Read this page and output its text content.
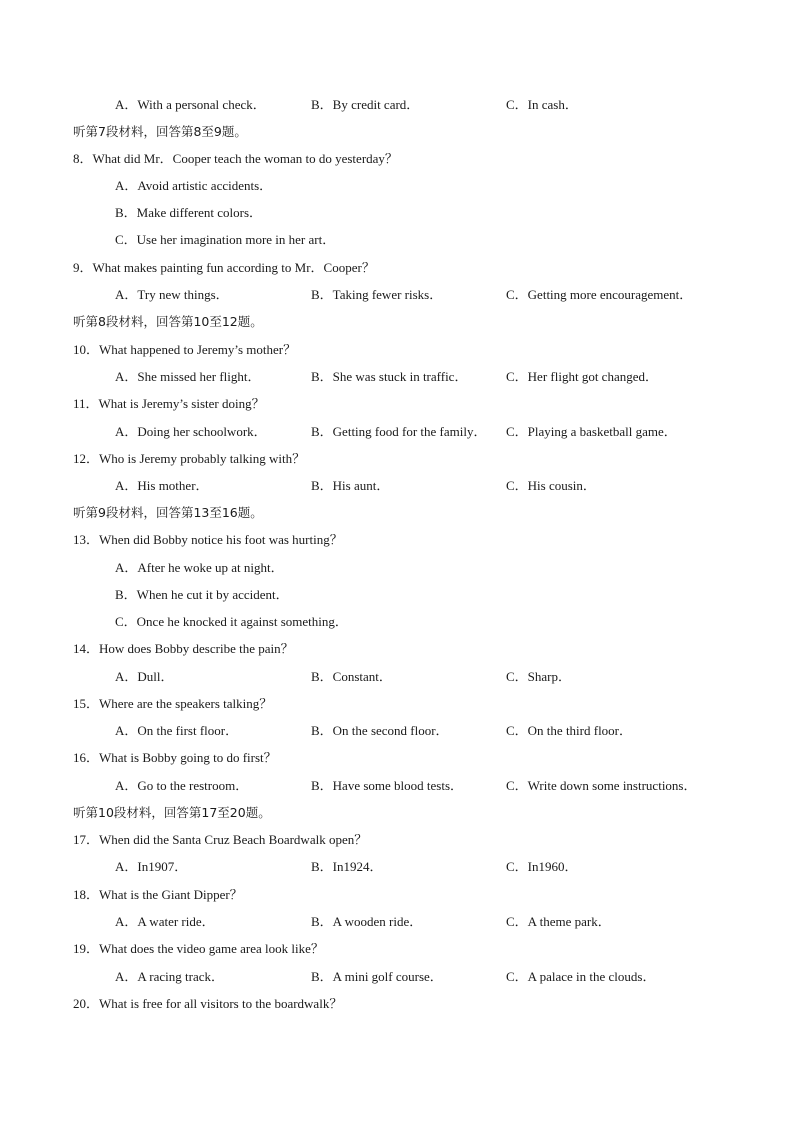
A．With a personal check．	B．By credit card．	C．In cash．
听第7段材料，回答第8至9题。
8．What did Mr．Cooper teach the woman to do yesterday？
A．Avoid artistic accidents．
B．Make different colors．
C．Use her imagination more in her art．
9．What makes painting fun according to Mr．Cooper？
A．Try new things．	B．Taking fewer risks．	C．Getting more encouragement．
听第8段材料，回答第10至12题。
10．What happened to Jeremy’s mother？
A．She missed her flight．	B．She was stuck in traffic．	C．Her flight got changed．
11．What is Jeremy’s sister doing？
A．Doing her schoolwork．	B．Getting food for the family． C．Playing a basketball game．
12．Who is Jeremy probably talking with？
A．His mother．	B．His aunt．	C．His cousin．
听第9段材料，回答第13至16题。
13．When did Bobby notice his foot was hurting？
A．After he woke up at night．
B．When he cut it by accident．
C．Once he knocked it against something．
14．How does Bobby describe the pain？
A．Dull．	B．Constant．	C．Sharp．
15．Where are the speakers talking？
A．On the first floor．	B．On the second floor．	C．On the third floor．
16．What is Bobby going to do first？
A．Go to the restroom．	B．Have some blood tests．	C．Write down some instructions．
听第10段材料，回答第17至20题。
17．When did the Santa Cruz Beach Boardwalk open？
A．In1907．	B．In1924．	C．In1960．
18．What is the Giant Dipper？
A．A water ride．	B．A wooden ride．	C．A theme park．
19．What does the video game area look like？
A．A racing track．	B．A mini golf course．	C．A palace in the clouds．
20．What is free for all visitors to the boardwalk？
